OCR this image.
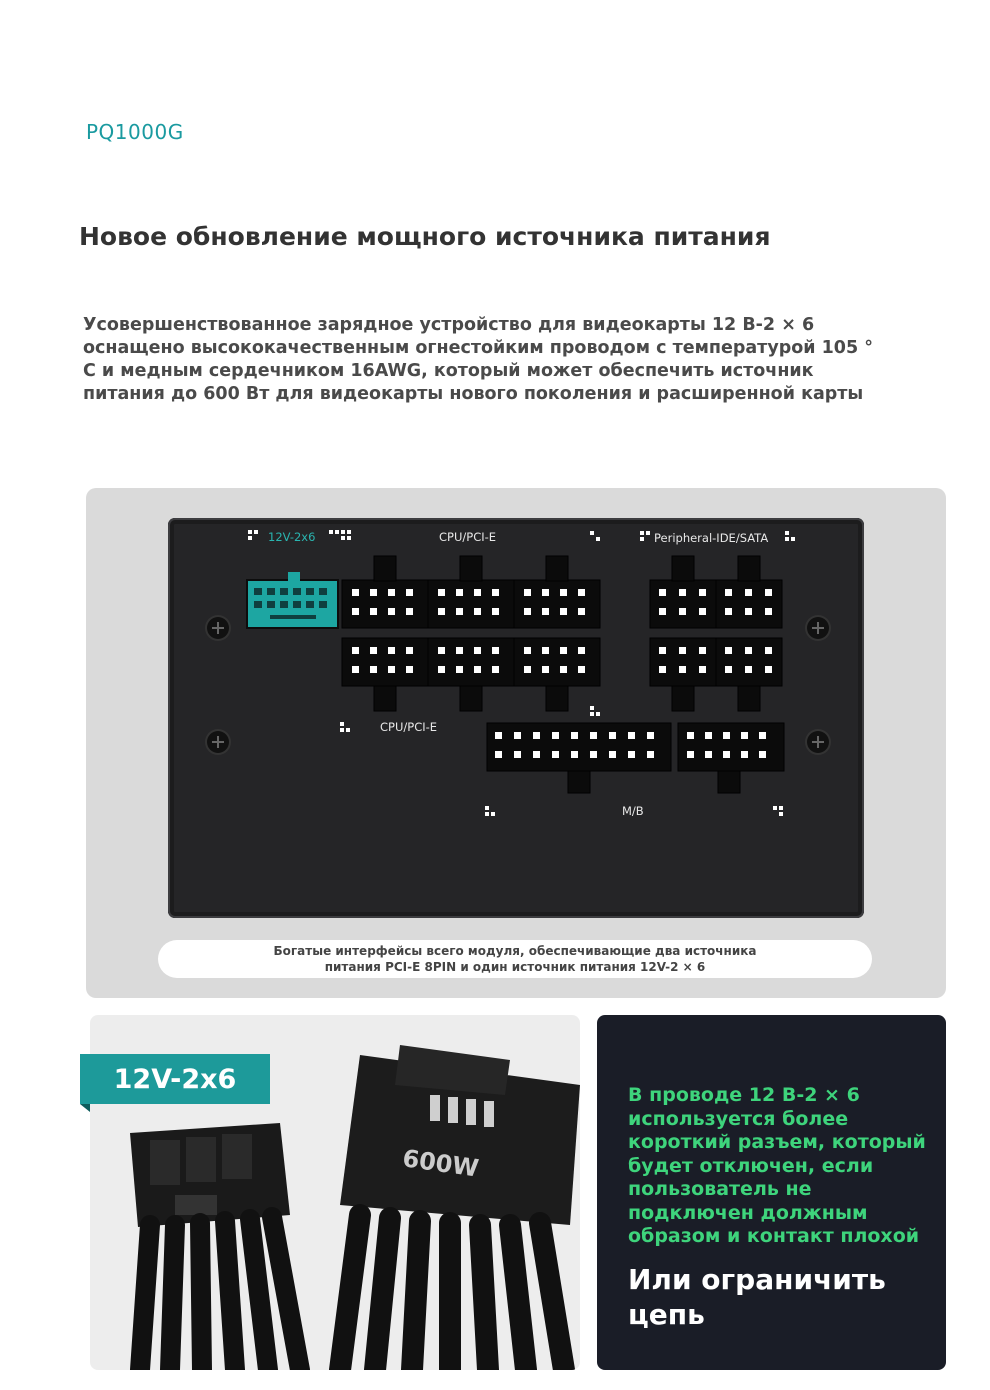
PQ1000G
Новое обновление мощного источника питания

Усовершенствованное зарядное устройство для видеокарты 12 В-2 × 6 оснащено высококачественным огнестойким проводом с температурой 105 ° C и медным сердечником 16AWG, который может обеспечить источник питания до 600 Вт для видеокарты нового поколения и расширенной карты

12V-2x6	CPU/PCI-E	Peripheral-IDE/SATA
CPU/PCI-E
M/B
Богатые интерфейсы всего модуля, обеспечивающие два источника
питания PCI-E 8PIN и один источник питания 12V-2 × 6
600W
12V-2x6

В проводе 12 В-2 × 6 используется более короткий разъем, который будет отключен, если пользователь не подключен должным образом и контакт плохой

Или ограничить цепь
